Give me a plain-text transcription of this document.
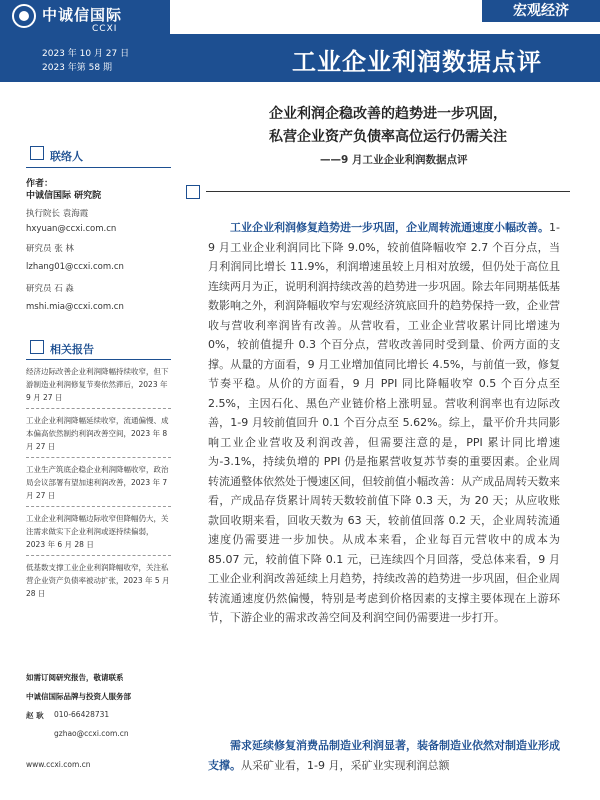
中诚信国际
CCXI
2023 年 10 月 27 日
2023 年第 58 期
宏观经济
工业企业利润数据点评
企业利润企稳改善的趋势进一步巩固，
私营企业资产负债率高位运行仍需关注
——9 月工业企业利润数据点评
联络人
作者：
中诚信国际 研究院
执行院长 袁海霞
hxyuan@ccxi.com.cn
研究员 张 林
lzhang01@ccxi.com.cn
研究员 石 淼
mshi.mia@ccxi.com.cn
相关报告
经济边际改善企业利润降幅持续收窄，但下游制造业利润修复节奏依然滞后，2023 年 9 月 27 日
工业企业利润降幅延续收窄，流通偏慢、成本偏高依然制约利润改善空间，2023 年 8 月 27 日
工业生产筑底企稳企业利润降幅收窄，政治局会议部署有望加速利润改善，2023 年 7 月 27 日
工业企业利润降幅边际收窄但降幅仍大，关注需求做实下企业利润或逐持续偏弱，2023 年 6 月 28 日
低基数支撑工业企业利润降幅收窄，关注私营企业资产负债率被动扩张，2023 年 5 月 28 日
如需订阅研究报告，敬请联系
中诚信国际品牌与投资人服务部
赵 耿 010-66428731
gzhao@ccxi.com.cn
www.ccxi.com.cn
工业企业利润修复趋势进一步巩固，企业周转流通速度小幅改善。1-9 月工业企业利润同比下降 9.0%，较前值降幅收窄 2.7 个百分点，当月利润同比增长 11.9%，利润增速虽较上月相对放缓，但仍处于高位且连续两月为正，说明利润持续改善的趋势进一步巩固。除去年同期基低基数影响之外，利润降幅收窄与宏观经济筑底回升的趋势保持一致，企业营收与营收利率润皆有改善。从营收看，工业企业营收累计同比增速为 0%，较前值提升 0.3 个百分点，营收改善同时受到量、价两方面的支撑。从量的方面看，9 月工业增加值同比增长 4.5%，与前值一致，修复节奏平稳。从价的方面看，9 月 PPI 同比降幅收窄 0.5 个百分点至 2.5%，主因石化、黑色产业链价格上涨明显。营收利润率也有边际改善，1-9 月较前值回升 0.1 个百分点至 5.62%。综上，量平价升共同影响工业企业营收及利润改善，但需要注意的是，PPI 累计同比增速为-3.1%，持续负增的 PPI 仍是拖累营收复苏节奏的重要因素。企业周转流通整体依然处于慢速区间，但较前值小幅改善：从产成品周转天数来看，产成品存货累计周转天数较前值下降 0.3 天，为 20 天；从应收账款回收期来看，回收天数为 63 天，较前值回落 0.2 天，企业周转流通速度仍需要进一步加快。从成本来看，企业每百元营收中的成本为 85.07 元，较前值下降 0.1 元，已连续四个月回落，受总体来看，9 月工业企业利润改善延续上月趋势，持续改善的趋势进一步巩固，但企业周转流通速度仍然偏慢，特别是考虑到价格因素的支撑主要体现在上游环节，下游企业的需求改善空间及利润空间仍需要进一步打开。
需求延续修复消费品制造业利润显著，装备制造业依然对制造业形成支撑。从采矿业看，1-9 月，采矿业实现利润总额
